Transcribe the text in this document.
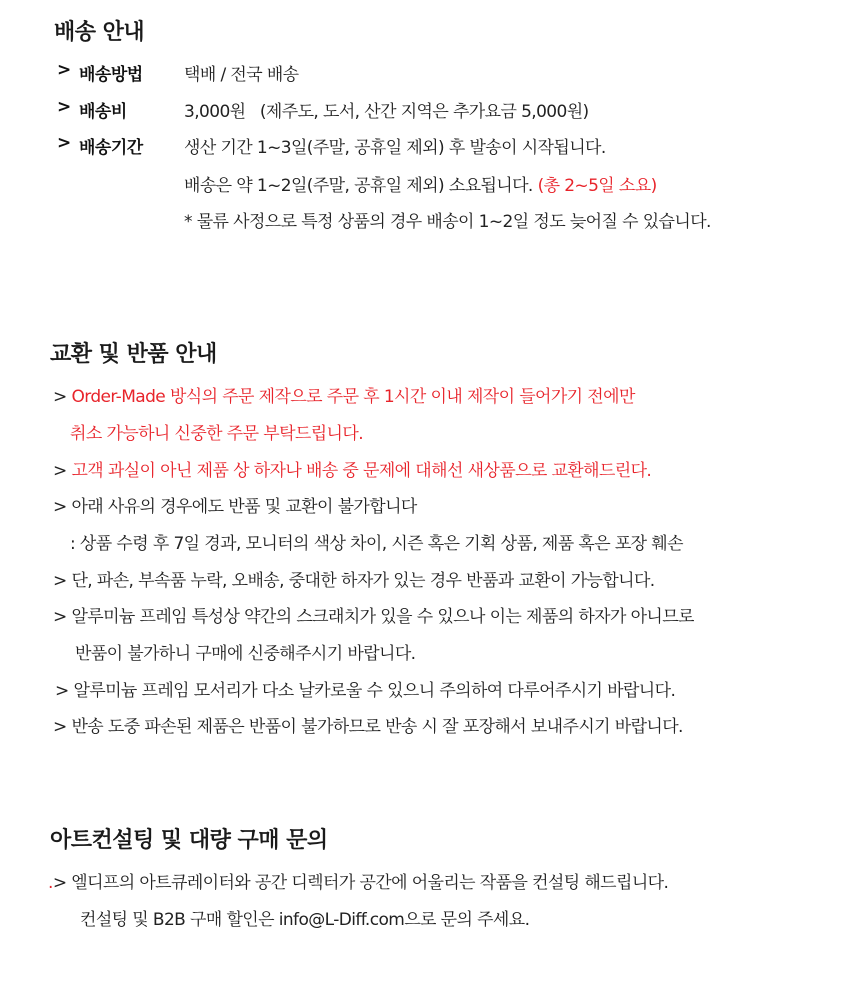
배송 안내
> 배송방법 택배 / 전국 배송
> 배송비	3,000원   (제주도, 도서, 산간 지역은 추가요금 5,000원)
> 배송기간 생산 기간 1~3일(주말, 공휴일 제외) 후 발송이 시작됩니다.
배송은 약 1~2일(주말, 공휴일 제외) 소요됩니다. (총 2~5일 소요)
* 물류 사정으로 특정 상품의 경우 배송이 1~2일 정도 늦어질 수 있습니다.
교환 및 반품 안내
> Order-Made 방식의 주문 제작으로 주문 후 1시간 이내 제작이 들어가기 전에만
취소 가능하니 신중한 주문 부탁드립니다.
> 고객 과실이 아닌 제품 상 하자나 배송 중 문제에 대해선 새상품으로 교환해드린다.
> 아래 사유의 경우에도 반품 및 교환이 불가합니다
: 상품 수령 후 7일 경과, 모니터의 색상 차이, 시즌 혹은 기획 상품, 제품 혹은 포장 훼손
> 단, 파손, 부속품 누락, 오배송, 중대한 하자가 있는 경우 반품과 교환이 가능합니다.
> 알루미늄 프레임 특성상 약간의 스크래치가 있을 수 있으나 이는 제품의 하자가 아니므로
반품이 불가하니 구매에 신중해주시기 바랍니다.
> 알루미늄 프레임 모서리가 다소 날카로울 수 있으니 주의하여 다루어주시기 바랍니다.
> 반송 도중 파손된 제품은 반품이 불가하므로 반송 시 잘 포장해서 보내주시기 바랍니다.
아트컨설팅 및 대량 구매 문의
.> 엘디프의 아트큐레이터와 공간 디렉터가 공간에 어울리는 작품을 컨설팅 해드립니다.
컨설팅 및 B2B 구매 할인은 info@L-Diff.com으로 문의 주세요.
